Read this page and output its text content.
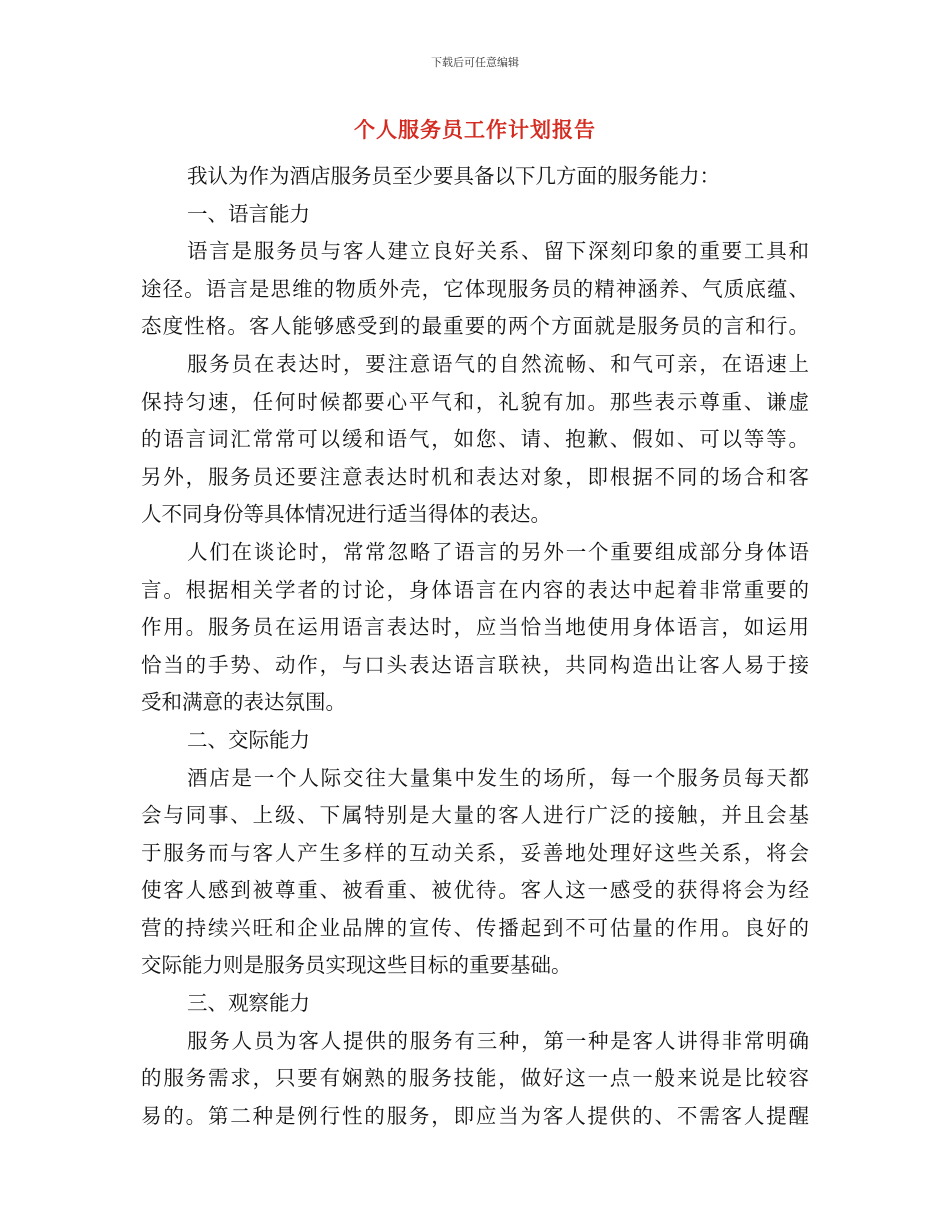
下载后可任意编辑
个人服务员工作计划报告
我认为作为酒店服务员至少要具备以下几方面的服务能力：
一、语言能力
语言是服务员与客人建立良好关系、留下深刻印象的重要工具和
途径。语言是思维的物质外壳，它体现服务员的精神涵养、气质底蕴、
态度性格。客人能够感受到的最重要的两个方面就是服务员的言和行。
服务员在表达时，要注意语气的自然流畅、和气可亲，在语速上
保持匀速，任何时候都要心平气和，礼貌有加。那些表示尊重、谦虚
的语言词汇常常可以缓和语气，如您、请、抱歉、假如、可以等等。
另外，服务员还要注意表达时机和表达对象，即根据不同的场合和客
人不同身份等具体情况进行适当得体的表达。
人们在谈论时，常常忽略了语言的另外一个重要组成部分身体语
言。根据相关学者的讨论，身体语言在内容的表达中起着非常重要的
作用。服务员在运用语言表达时，应当恰当地使用身体语言，如运用
恰当的手势、动作，与口头表达语言联袂，共同构造出让客人易于接
受和满意的表达氛围。
二、交际能力
酒店是一个人际交往大量集中发生的场所，每一个服务员每天都
会与同事、上级、下属特别是大量的客人进行广泛的接触，并且会基
于服务而与客人产生多样的互动关系，妥善地处理好这些关系，将会
使客人感到被尊重、被看重、被优待。客人这一感受的获得将会为经
营的持续兴旺和企业品牌的宣传、传播起到不可估量的作用。良好的
交际能力则是服务员实现这些目标的重要基础。
三、观察能力
服务人员为客人提供的服务有三种，第一种是客人讲得非常明确
的服务需求，只要有娴熟的服务技能，做好这一点一般来说是比较容
易的。第二种是例行性的服务，即应当为客人提供的、不需客人提醒
